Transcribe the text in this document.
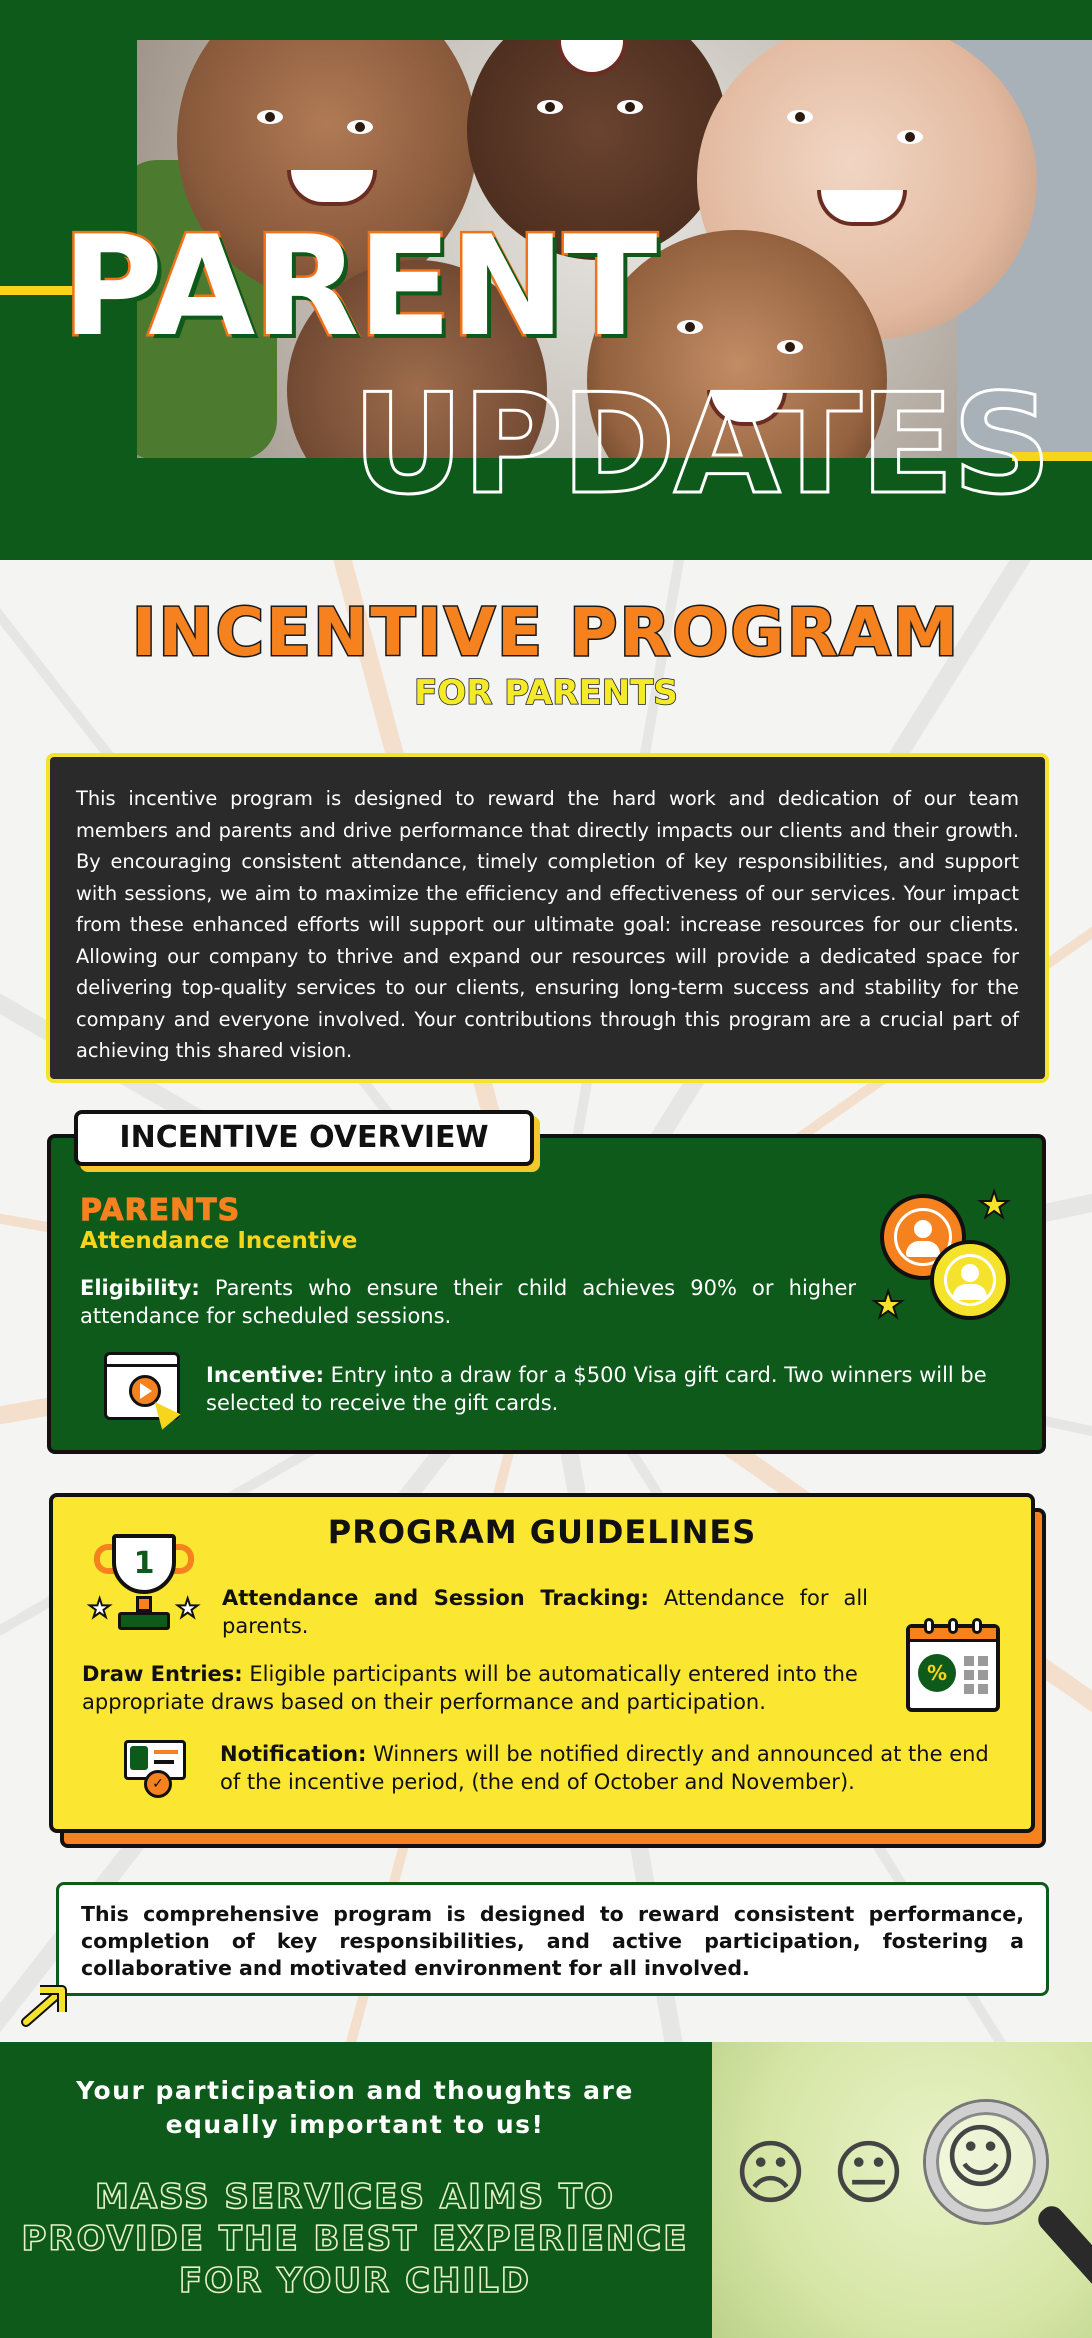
PARENT
UPDATES
INCENTIVE PROGRAM
FOR PARENTS

This incentive program is designed to reward the hard work and dedication of our team members and parents and drive performance that directly impacts our clients and their growth. By encouraging consistent attendance, timely completion of key responsibilities, and support with sessions, we aim to maximize the efficiency and effectiveness of our services. Your impact from these enhanced efforts will support our ultimate goal: increase resources for our clients. Allowing our company to thrive and expand our resources will provide a dedicated space for delivering top-quality services to our clients, ensuring long-term success and stability for the company and everyone involved. Your contributions through this program are a crucial part of achieving this shared vision.

INCENTIVE OVERVIEW
PARENTS
Attendance Incentive

Eligibility: Parents who ensure their child achieves 90% or higher attendance for scheduled sessions.

Incentive: Entry into a draw for a $500 Visa gift card. Two winners will be selected to receive the gift cards.

★
★
PROGRAM GUIDELINES
1
★ ★ Attendance and Session Tracking: Attendance for all parents.

Draw Entries: Eligible participants will be automatically entered into the appropriate draws based on their performance and participation.

%
✓

Notification: Winners will be notified directly and announced at the end of the incentive period, (the end of October and November).

This comprehensive program is designed to reward consistent performance, completion of key responsibilities, and active participation, fostering a collaborative and motivated environment for all involved.

Your participation and thoughts are
equally important to us!
MASS SERVICES AIMS TO
PROVIDE THE BEST EXPERIENCE
FOR YOUR CHILD
☹ 😐 ☺
